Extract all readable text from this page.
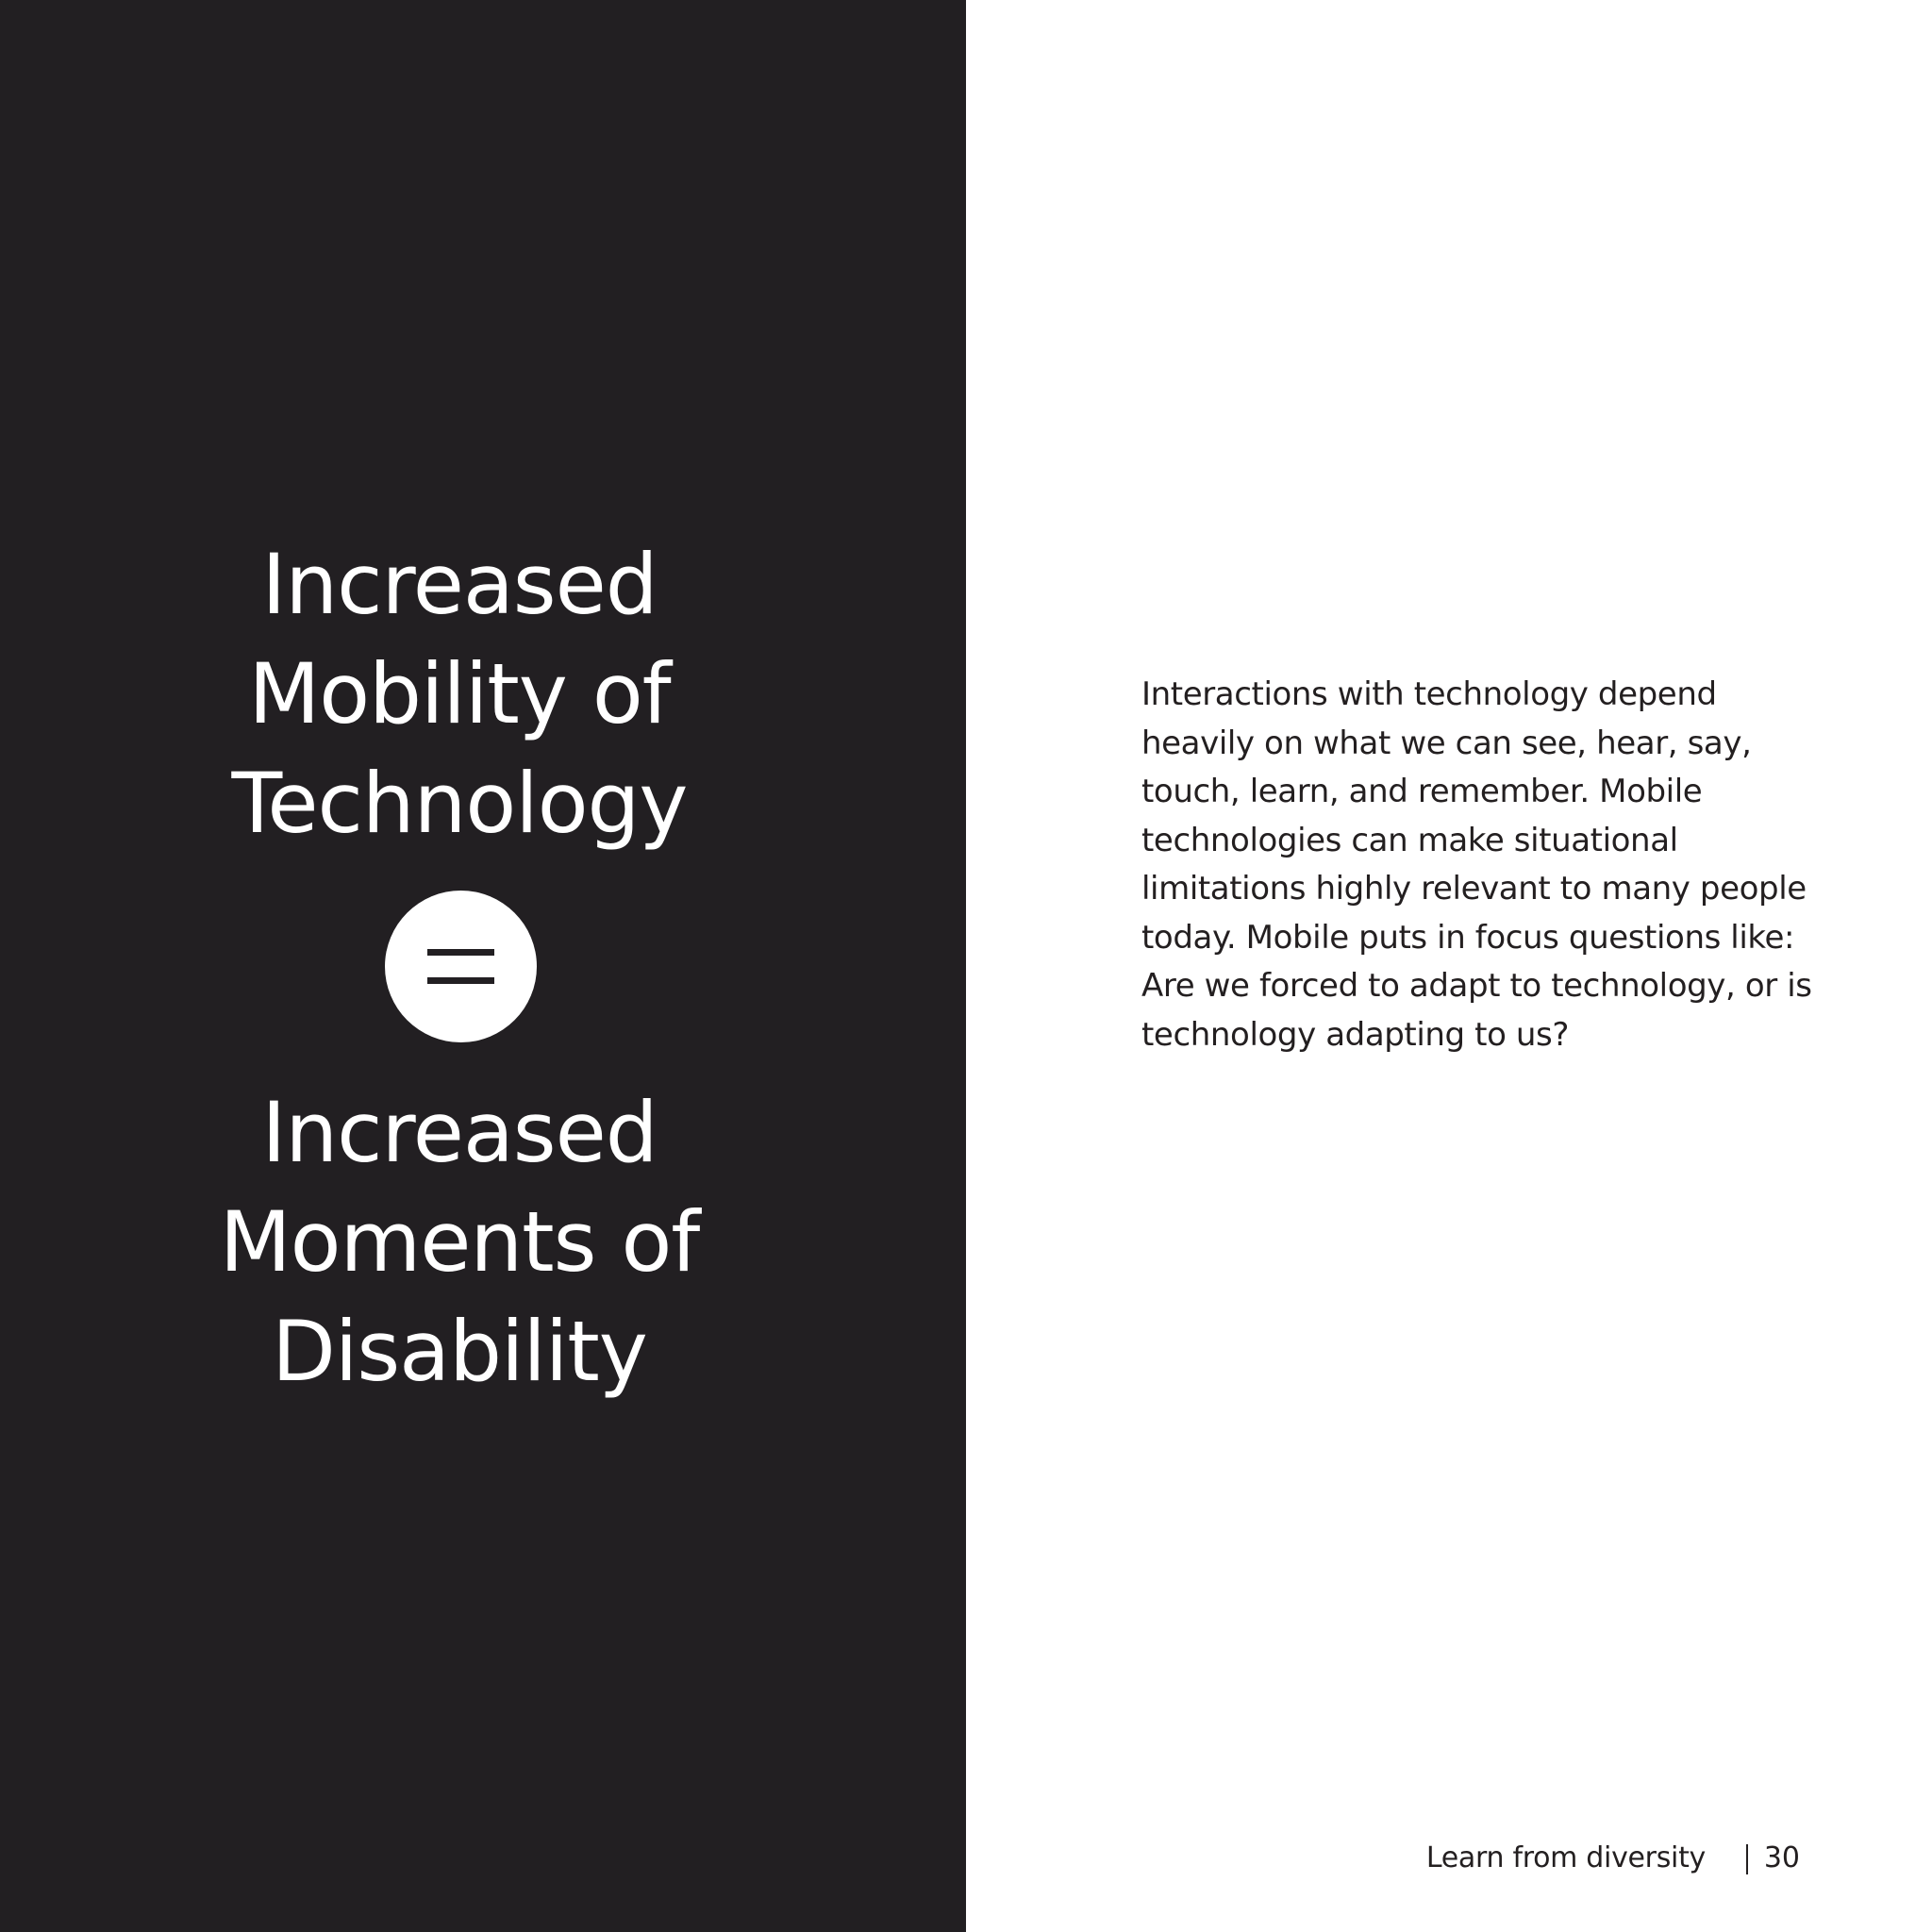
Increased
Mobility of
Technology
Increased
Moments of
Disability

Interactions with technology depend heavily on what we can see, hear, say, touch, learn, and remember. Mobile technologies can make situational limitations highly relevant to many people today. Mobile puts in focus questions like: Are we forced to adapt to technology, or is technology adapting to us?

Learn from diversity 30
